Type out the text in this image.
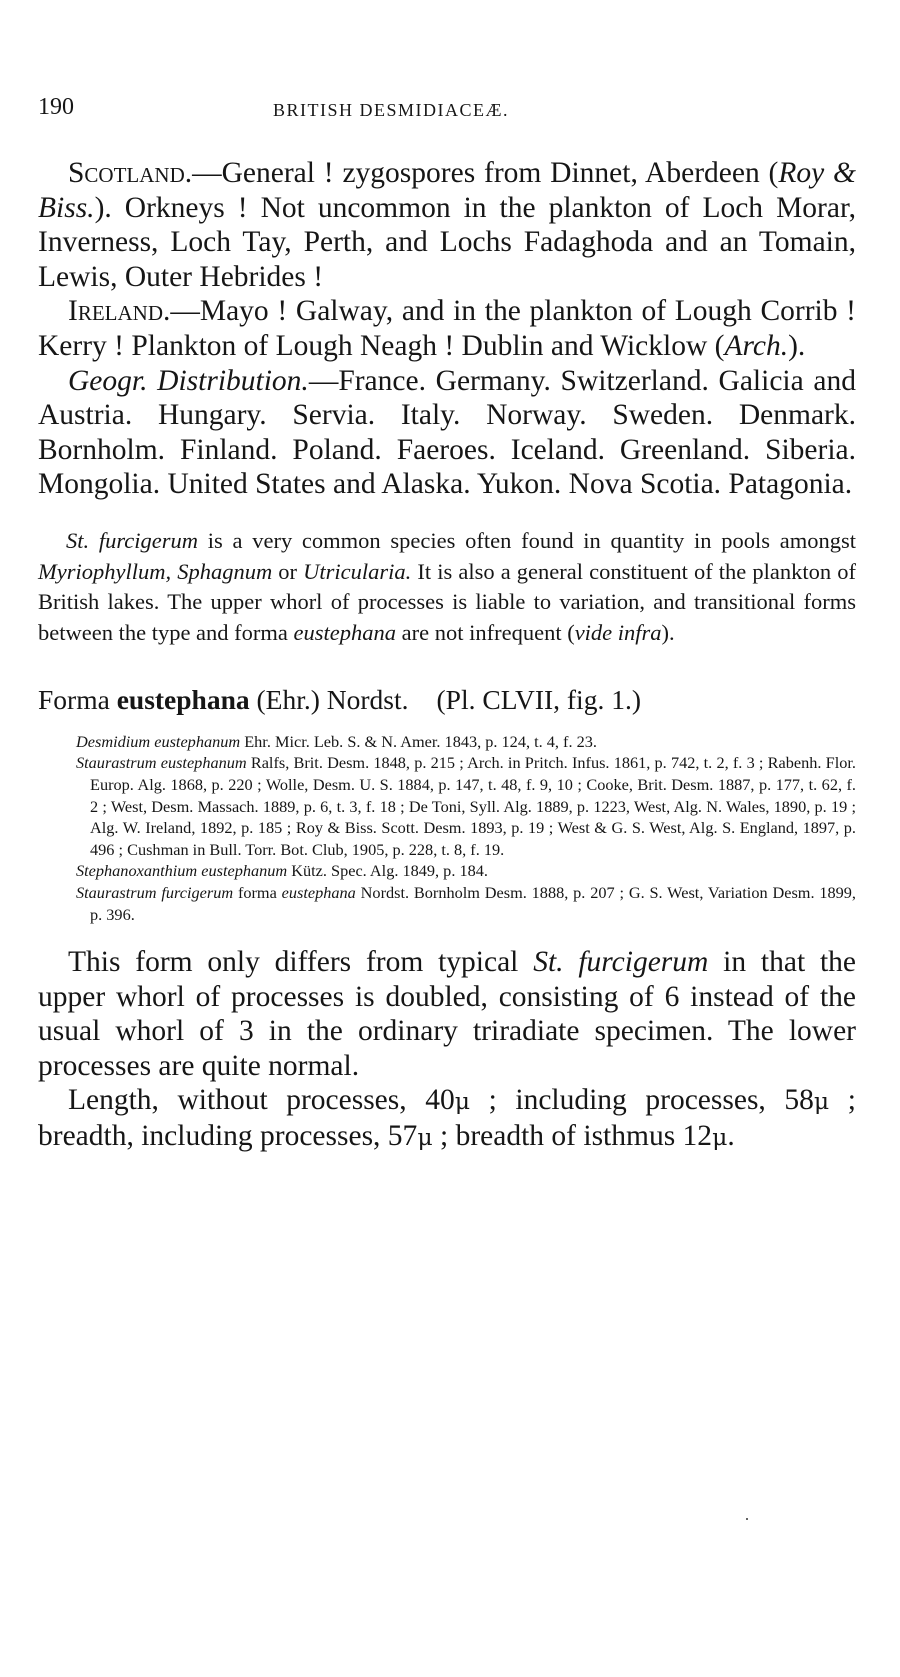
190	BRITISH DESMIDIACEÆ.

Scotland.—General ! zygospores from Dinnet, Aberdeen (Roy & Biss.). Orkneys ! Not uncommon in the plankton of Loch Morar, Inverness, Loch Tay, Perth, and Lochs Fadaghoda and an Tomain, Lewis, Outer Hebrides !

Ireland.—Mayo ! Galway, and in the plankton of Lough Corrib ! Kerry ! Plankton of Lough Neagh ! Dublin and Wicklow (Arch.).

Geogr. Distribution.—France. Germany. Switzerland. Galicia and Austria. Hungary. Servia. Italy. Norway. Sweden. Denmark. Bornholm. Finland. Poland. Faeroes. Iceland. Greenland. Siberia. Mongolia. United States and Alaska. Yukon. Nova Scotia. Patagonia.

St. furcigerum is a very common species often found in quantity in pools amongst Myriophyllum, Sphagnum or Utricularia. It is also a general constituent of the plankton of British lakes. The upper whorl of processes is liable to variation, and transitional forms between the type and forma eustephana are not infrequent (vide infra).

Forma eustephana (Ehr.) Nordst. (Pl. CLVII, fig. 1.)

Desmidium eustephanum Ehr. Micr. Leb. S. & N. Amer. 1843, p. 124, t. 4, f. 23.

Staurastrum eustephanum Ralfs, Brit. Desm. 1848, p. 215 ; Arch. in Pritch. Infus. 1861, p. 742, t. 2, f. 3 ; Rabenh. Flor. Europ. Alg. 1868, p. 220 ; Wolle, Desm. U. S. 1884, p. 147, t. 48, f. 9, 10 ; Cooke, Brit. Desm. 1887, p. 177, t. 62, f. 2 ; West, Desm. Massach. 1889, p. 6, t. 3, f. 18 ; De Toni, Syll. Alg. 1889, p. 1223, West, Alg. N. Wales, 1890, p. 19 ; Alg. W. Ireland, 1892, p. 185 ; Roy & Biss. Scott. Desm. 1893, p. 19 ; West & G. S. West, Alg. S. England, 1897, p. 496 ; Cushman in Bull. Torr. Bot. Club, 1905, p. 228, t. 8, f. 19.

Stephanoxanthium eustephanum Kütz. Spec. Alg. 1849, p. 184.

Staurastrum furcigerum forma eustephana Nordst. Bornholm Desm. 1888, p. 207 ; G. S. West, Variation Desm. 1899, p. 396.

This form only differs from typical St. furcigerum in that the upper whorl of processes is doubled, consisting of 6 instead of the usual whorl of 3 in the ordinary triradiate specimen. The lower processes are quite normal.

Length, without processes, 40μ ; including processes, 58μ ; breadth, including processes, 57μ ; breadth of isthmus 12μ.
